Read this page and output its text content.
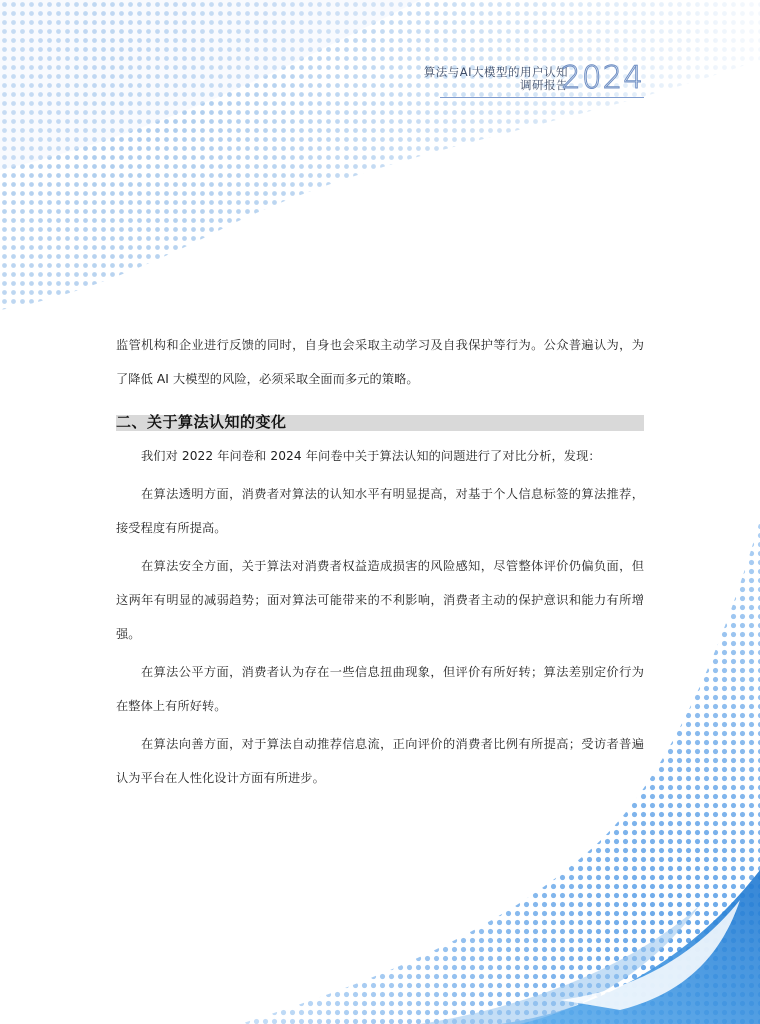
算法与AI大模型的用户认知
调研报告
2024

监管机构和企业进行反馈的同时，自身也会采取主动学习及自我保护等行为。公众普遍认为，为了降低 AI 大模型的风险，必须采取全面而多元的策略。

二、关于算法认知的变化

我们对 2022 年问卷和 2024 年问卷中关于算法认知的问题进行了对比分析，发现：

在算法透明方面，消费者对算法的认知水平有明显提高，对基于个人信息标签的算法推荐，接受程度有所提高。

在算法安全方面，关于算法对消费者权益造成损害的风险感知，尽管整体评价仍偏负面，但这两年有明显的减弱趋势；面对算法可能带来的不利影响，消费者主动的保护意识和能力有所增强。

在算法公平方面，消费者认为存在一些信息扭曲现象，但评价有所好转；算法差别定价行为在整体上有所好转。

在算法向善方面，对于算法自动推荐信息流，正向评价的消费者比例有所提高；受访者普遍认为平台在人性化设计方面有所进步。
